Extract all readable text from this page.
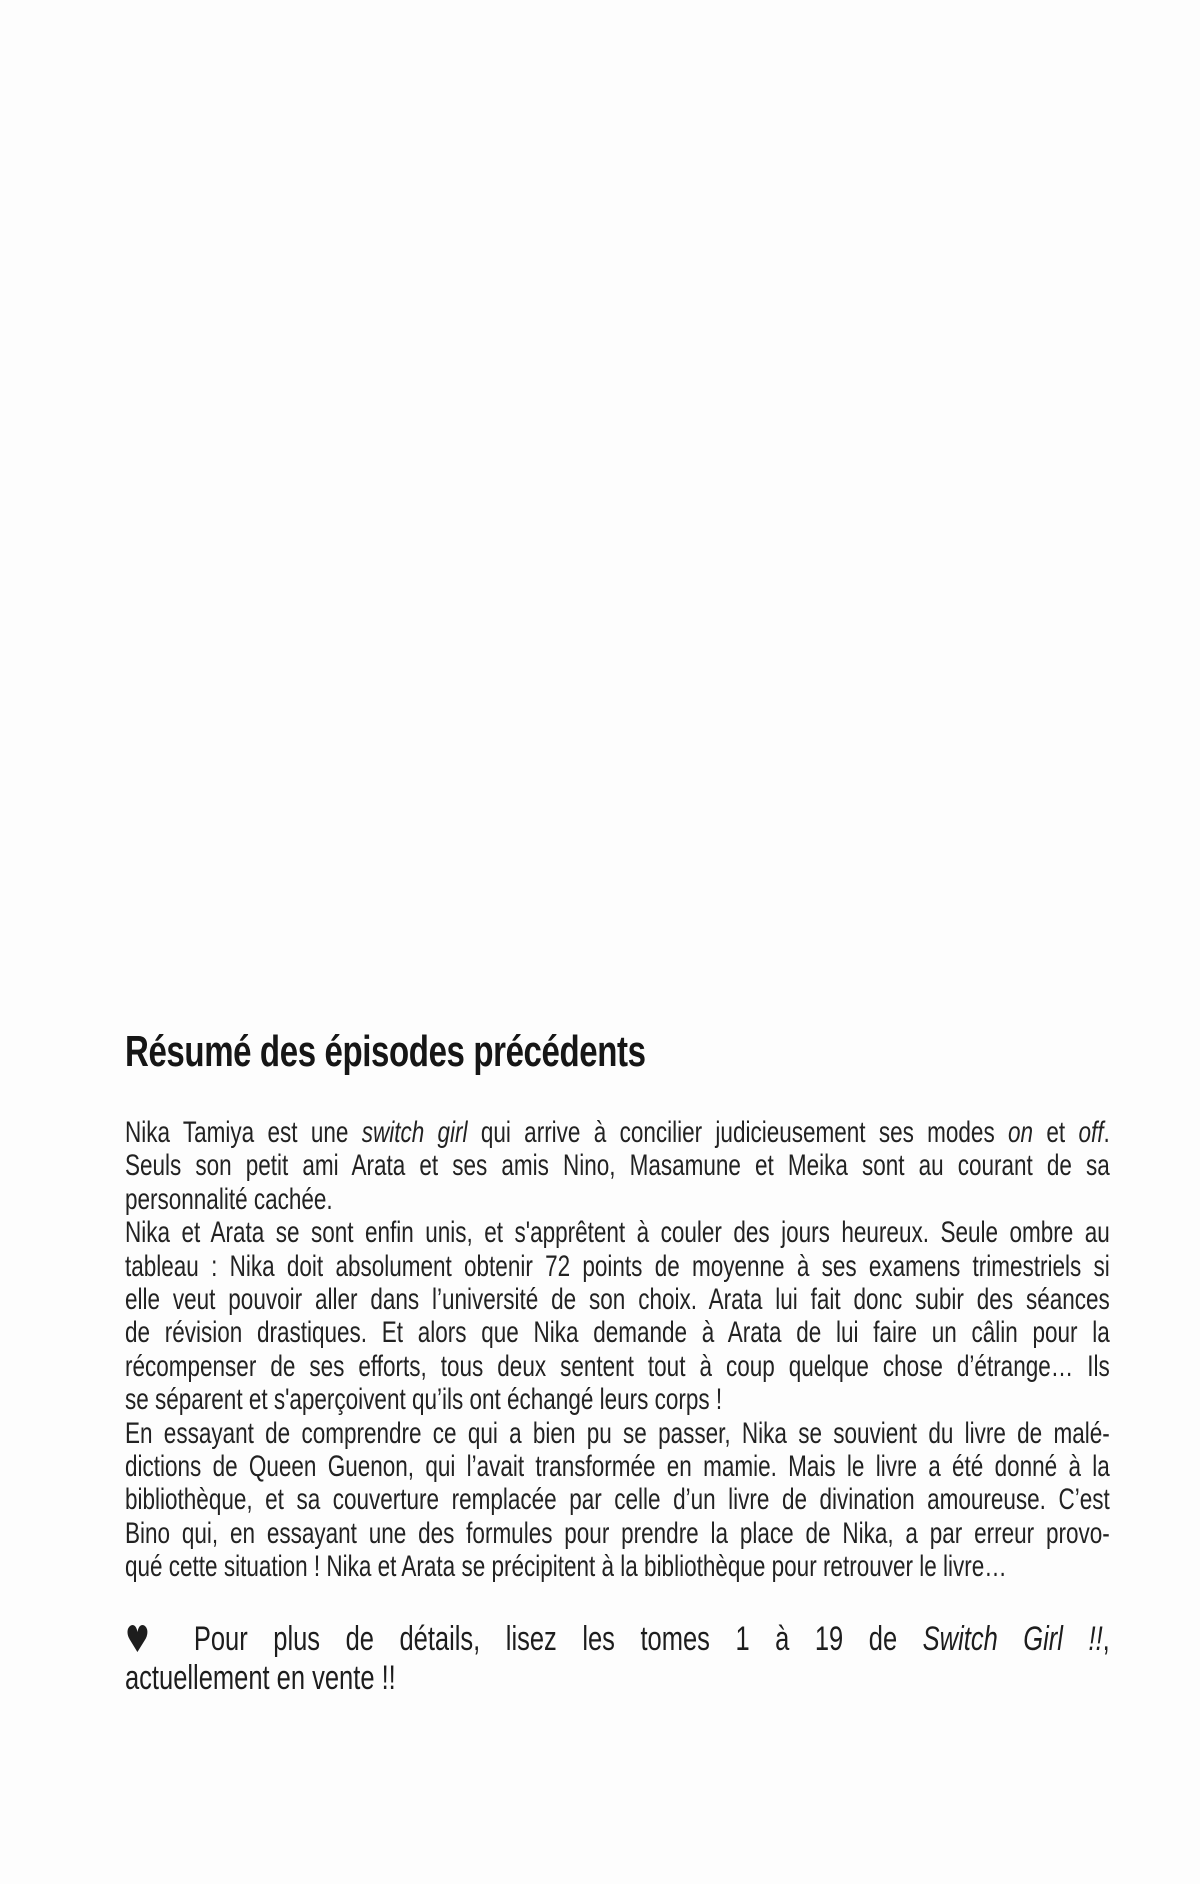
Résumé des épisodes précédents
Nika Tamiya est une switch girl qui arrive à concilier judicieusement ses modes on et off.
Seuls son petit ami Arata et ses amis Nino, Masamune et Meika sont au courant de sa
personnalité cachée.
Nika et Arata se sont enfin unis, et s'apprêtent à couler des jours heureux. Seule ombre au
tableau : Nika doit absolument obtenir 72 points de moyenne à ses examens trimestriels si
elle veut pouvoir aller dans l’université de son choix. Arata lui fait donc subir des séances
de révision drastiques. Et alors que Nika demande à Arata de lui faire un câlin pour la
récompenser de ses efforts, tous deux sentent tout à coup quelque chose d’étrange… Ils
se séparent et s'aperçoivent qu’ils ont échangé leurs corps !
En essayant de comprendre ce qui a bien pu se passer, Nika se souvient du livre de malé-
dictions de Queen Guenon, qui l’avait transformée en mamie. Mais le livre a été donné à la
bibliothèque, et sa couverture remplacée par celle d’un livre de divination amoureuse. C’est
Bino qui, en essayant une des formules pour prendre la place de Nika, a par erreur provo-
qué cette situation ! Nika et Arata se précipitent à la bibliothèque pour retrouver le livre…
♥ Pour plus de détails, lisez les tomes 1 à 19 de Switch Girl !!,
actuellement en vente !!
